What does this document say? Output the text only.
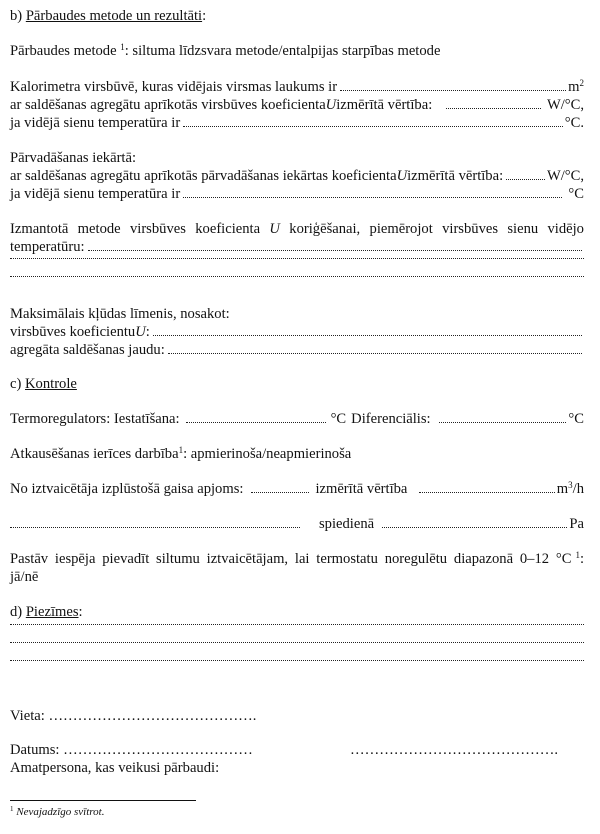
b) Pārbaudes metode un rezultāti:
Pārbaudes metode $^1$: siltuma līdzsvara metode/entalpijas starpības metode
Kalorimetra virsbūvē, kuras vidējais virsmas laukums ir	$m^2$
ar saldēšanas agregātu aprīkotās virsbūves koeficienta U izmērītā vērtība:	W/°C,
ja vidējā sienu temperatūra ir	°C.
Pārvadāšanas iekārtā:
ar saldēšanas agregātu aprīkotās pārvadāšanas iekārtas koeficienta U izmērītā vērtība:	W/°C,
ja vidējā sienu temperatūra ir	°C
Izmantotā metode virsbūves koeficienta U koriģēšanai, piemērojot virsbūves sienu vidējo
temperatūru:
Maksimālais kļūdas līmenis, nosakot:
virsbūves koeficientu U :
agregāta saldēšanas jaudu:
c) Kontrole
Termoregulators: Iestatīšana:	°C Diferenciālis:	°C
Atkausēšanas ierīces darbība$^1$: apmierinoša/neapmierinoša
No iztvaicētāja izplūstošā gaisa apjoms:	izmērītā vērtība	$m^3/h$
spiedienā	Pa
Pastāv iespēja pievadīt siltumu iztvaicētājam, lai termostatu noregulētu diapazonā 0–12 °C $^1$:
jā/nē
d) Piezīmes:
Vieta: …………………………………….
Datums: …………………………………	…………………………………….
Amatpersona, kas veikusi pārbaudi:
$^1$ Nevajadzīgo svītrot.
